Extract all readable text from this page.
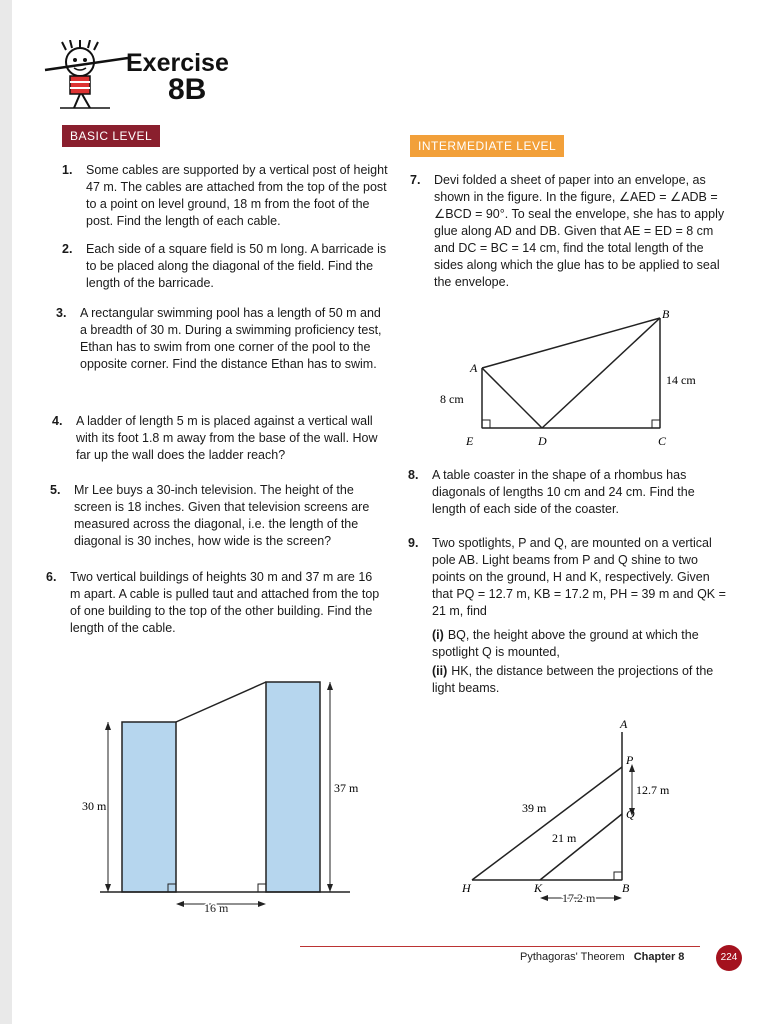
Exercise
8B
BASIC LEVEL
INTERMEDIATE LEVEL
1. Some cables are supported by a vertical post of height 47 m. The cables are attached from the top of the post to a point on level ground, 18 m from the foot of the post. Find the length of each cable.
2. Each side of a square field is 50 m long. A barricade is to be placed along the diagonal of the field. Find the length of the barricade.
3. A rectangular swimming pool has a length of 50 m and a breadth of 30 m. During a swimming proficiency test, Ethan has to swim from one corner of the pool to the opposite corner. Find the distance Ethan has to swim.
4. A ladder of length 5 m is placed against a vertical wall with its foot 1.8 m away from the base of the wall. How far up the wall does the ladder reach?
5. Mr Lee buys a 30-inch television. The height of the screen is 18 inches. Given that television screens are measured across the diagonal, i.e. the length of the diagonal is 30 inches, how wide is the screen?
6. Two vertical buildings of heights 30 m and 37 m are 16 m apart. A cable is pulled taut and attached from the top of one building to the top of the other building. Find the length of the cable.
30 m
37 m
16 m
7. Devi folded a sheet of paper into an envelope, as shown in the figure. In the figure, ∠AED = ∠ADB = ∠BCD = 90°. To seal the envelope, she has to apply glue along AD and DB. Given that AE = ED = 8 cm and DC = BC = 14 cm, find the total length of the sides along which the glue has to be applied to seal the envelope.
A
B
C
D
E
8 cm
14 cm
8. A table coaster in the shape of a rhombus has diagonals of lengths 10 cm and 24 cm. Find the length of each side of the coaster.
9. Two spotlights, P and Q, are mounted on a vertical pole AB. Light beams from P and Q shine to two points on the ground, H and K, respectively. Given that PQ = 12.7 m, KB = 17.2 m, PH = 39 m and QK = 21 m, find
(i) BQ, the height above the ground at which the spotlight Q is mounted,
(ii) HK, the distance between the projections of the light beams.
A
P
Q
B
H	K
12.7 m
39 m
21 m
17.2 m
Pythagoras' Theorem Chapter 8	224
